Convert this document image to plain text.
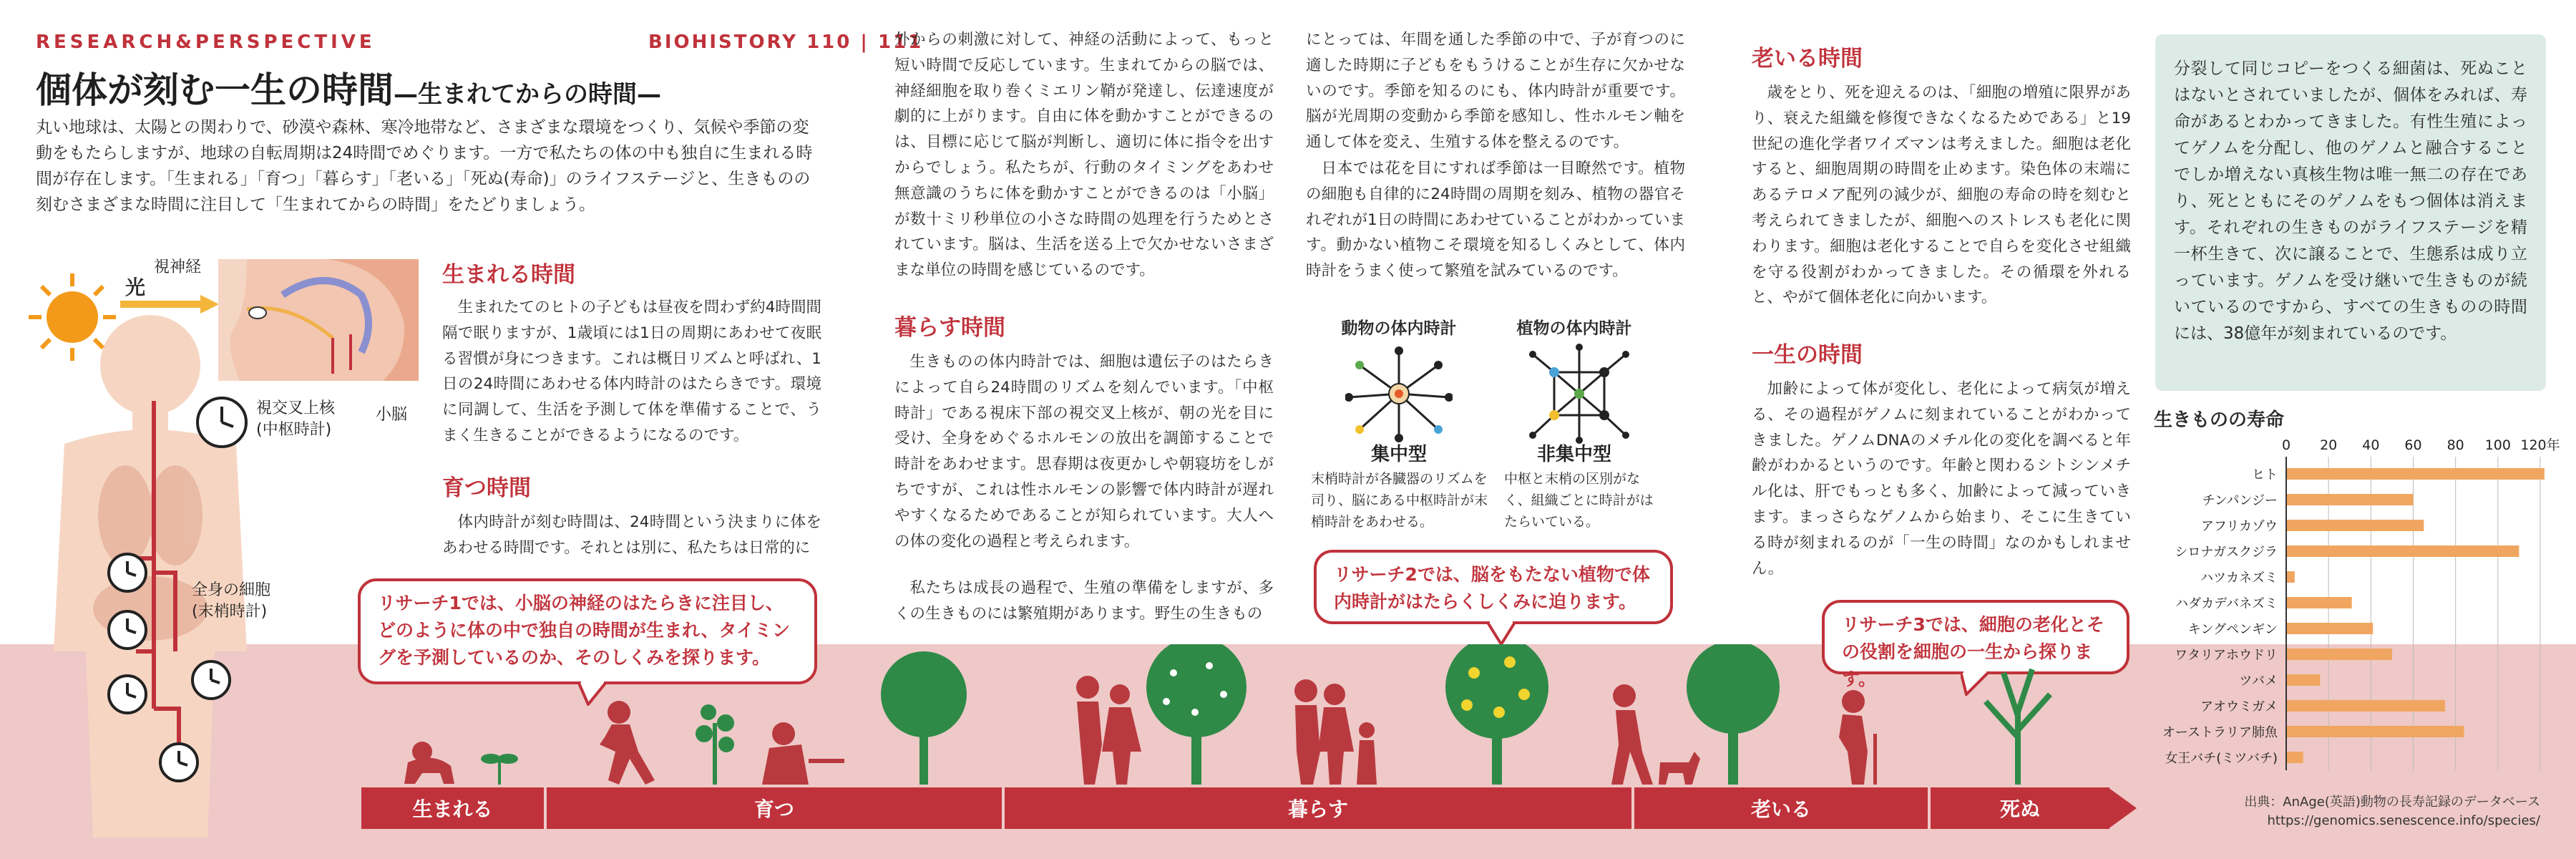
RESEARCH&PERSPECTIVE	BIOHISTORY 110 | 111
個体が刻む一生の時間—生まれてからの時間—
丸い地球は、太陽との関わりで、砂漠や森林、寒冷地帯など、さまざまな環境をつくり、気候や季節の変動をもたらしますが、地球の自転周期は24時間でめぐります。一方で私たちの体の中も独自に生まれる時間が存在します。「生まれる」「育つ」「暮らす」「老いる」「死ぬ(寿命)」のライフステージと、生きものの刻むさまざまな時間に注目して「生まれてからの時間」をたどりましょう。
光
視神経
視交叉上核
(中枢時計)
小脳
全身の細胞
(末梢時計)
生まれる時間
生まれたてのヒトの子どもは昼夜を問わず約4時間間隔で眠りますが、1歳頃には1日の周期にあわせて夜眠る習慣が身につきます。これは概日リズムと呼ばれ、1日の24時間にあわせる体内時計のはたらきです。環境に同調して、生活を予測して体を準備することで、うまく生きることができるようになるのです。
育つ時間
体内時計が刻む時間は、24時間という決まりに体をあわせる時間です。それとは別に、私たちは日常的に
外からの刺激に対して、神経の活動によって、もっと短い時間で反応しています。生まれてからの脳では、神経細胞を取り巻くミエリン鞘が発達し、伝達速度が劇的に上がります。自由に体を動かすことができるのは、目標に応じて脳が判断し、適切に体に指令を出すからでしょう。私たちが、行動のタイミングをあわせ無意識のうちに体を動かすことができるのは「小脳」が数十ミリ秒単位の小さな時間の処理を行うためとされています。脳は、生活を送る上で欠かせないさまざまな単位の時間を感じているのです。
暮らす時間
生きものの体内時計では、細胞は遺伝子のはたらきによって自ら24時間のリズムを刻んでいます。「中枢時計」である視床下部の視交叉上核が、朝の光を目に受け、全身をめぐるホルモンの放出を調節することで時計をあわせます。思春期は夜更かしや朝寝坊をしがちですが、これは性ホルモンの影響で体内時計が遅れやすくなるためであることが知られています。大人への体の変化の過程と考えられます。
私たちは成長の過程で、生殖の準備をしますが、多くの生きものには繁殖期があります。野生の生きもの
にとっては、年間を通した季節の中で、子が育つのに適した時期に子どもをもうけることが生存に欠かせないのです。季節を知るのにも、体内時計が重要です。脳が光周期の変動から季節を感知し、性ホルモン軸を通して体を変え、生殖する体を整えるのです。
日本では花を目にすれば季節は一目瞭然です。植物の細胞も自律的に24時間の周期を刻み、植物の器官それぞれが1日の時間にあわせていることがわかっています。動かない植物こそ環境を知るしくみとして、体内時計をうまく使って繁殖を試みているのです。
動物の体内時計	植物の体内時計
集中型	非集中型
末梢時計が各臓器のリズムを司り、脳にある中枢時計が末梢時計をあわせる。
中枢と末梢の区別がなく、組織ごとに時計がはたらいている。
老いる時間
歳をとり、死を迎えるのは、「細胞の増殖に限界があり、衰えた組織を修復できなくなるためである」と19世紀の進化学者ワイズマンは考えました。細胞は老化すると、細胞周期の時間を止めます。染色体の末端にあるテロメア配列の減少が、細胞の寿命の時を刻むと考えられてきましたが、細胞へのストレスも老化に関わります。細胞は老化することで自らを変化させ組織を守る役割がわかってきました。その循環を外れると、やがて個体老化に向かいます。
一生の時間
加齢によって体が変化し、老化によって病気が増える、その過程がゲノムに刻まれていることがわかってきました。ゲノムDNAのメチル化の変化を調べると年齢がわかるというのです。年齢と関わるシトシンメチル化は、肝でもっとも多く、加齢によって減っていきます。まっさらなゲノムから始まり、そこに生きている時が刻まれるのが「一生の時間」なのかもしれません。
分裂して同じコピーをつくる細菌は、死ぬことはないとされていましたが、個体をみれば、寿命があるとわかってきました。有性生殖によってゲノムを分配し、他のゲノムと融合することでしか増えない真核生物は唯一無二の存在であり、死とともにそのゲノムをもつ個体は消えます。それぞれの生きものがライフステージを精一杯生きて、次に譲ることで、生態系は成り立っています。ゲノムを受け継いで生きものが続いているのですから、すべての生きものの時間には、38億年が刻まれているのです。
生きものの寿命
0 20 40 60 80 100 120年
ヒト
チンパンジー
アフリカゾウ
シロナガスクジラ
ハツカネズミ
ハダカデバネズミ
キングペンギン
ワタリアホウドリ
ツバメ
アオウミガメ
オーストラリア肺魚
女王バチ(ミツバチ)
リサーチ1では、小脳の神経のはたらきに注目し、どのように体の中で独自の時間が生まれ、タイミングを予測しているのか、そのしくみを探ります。
リサーチ2では、脳をもたない植物で体内時計がはたらくしくみに迫ります。
リサーチ3では、細胞の老化とその役割を細胞の一生から探ります。
生まれる	育つ	暮らす	老いる	死ぬ	出典：AnAge(英語)動物の長寿記録のデータベース
https://genomics.senescence.info/species/
